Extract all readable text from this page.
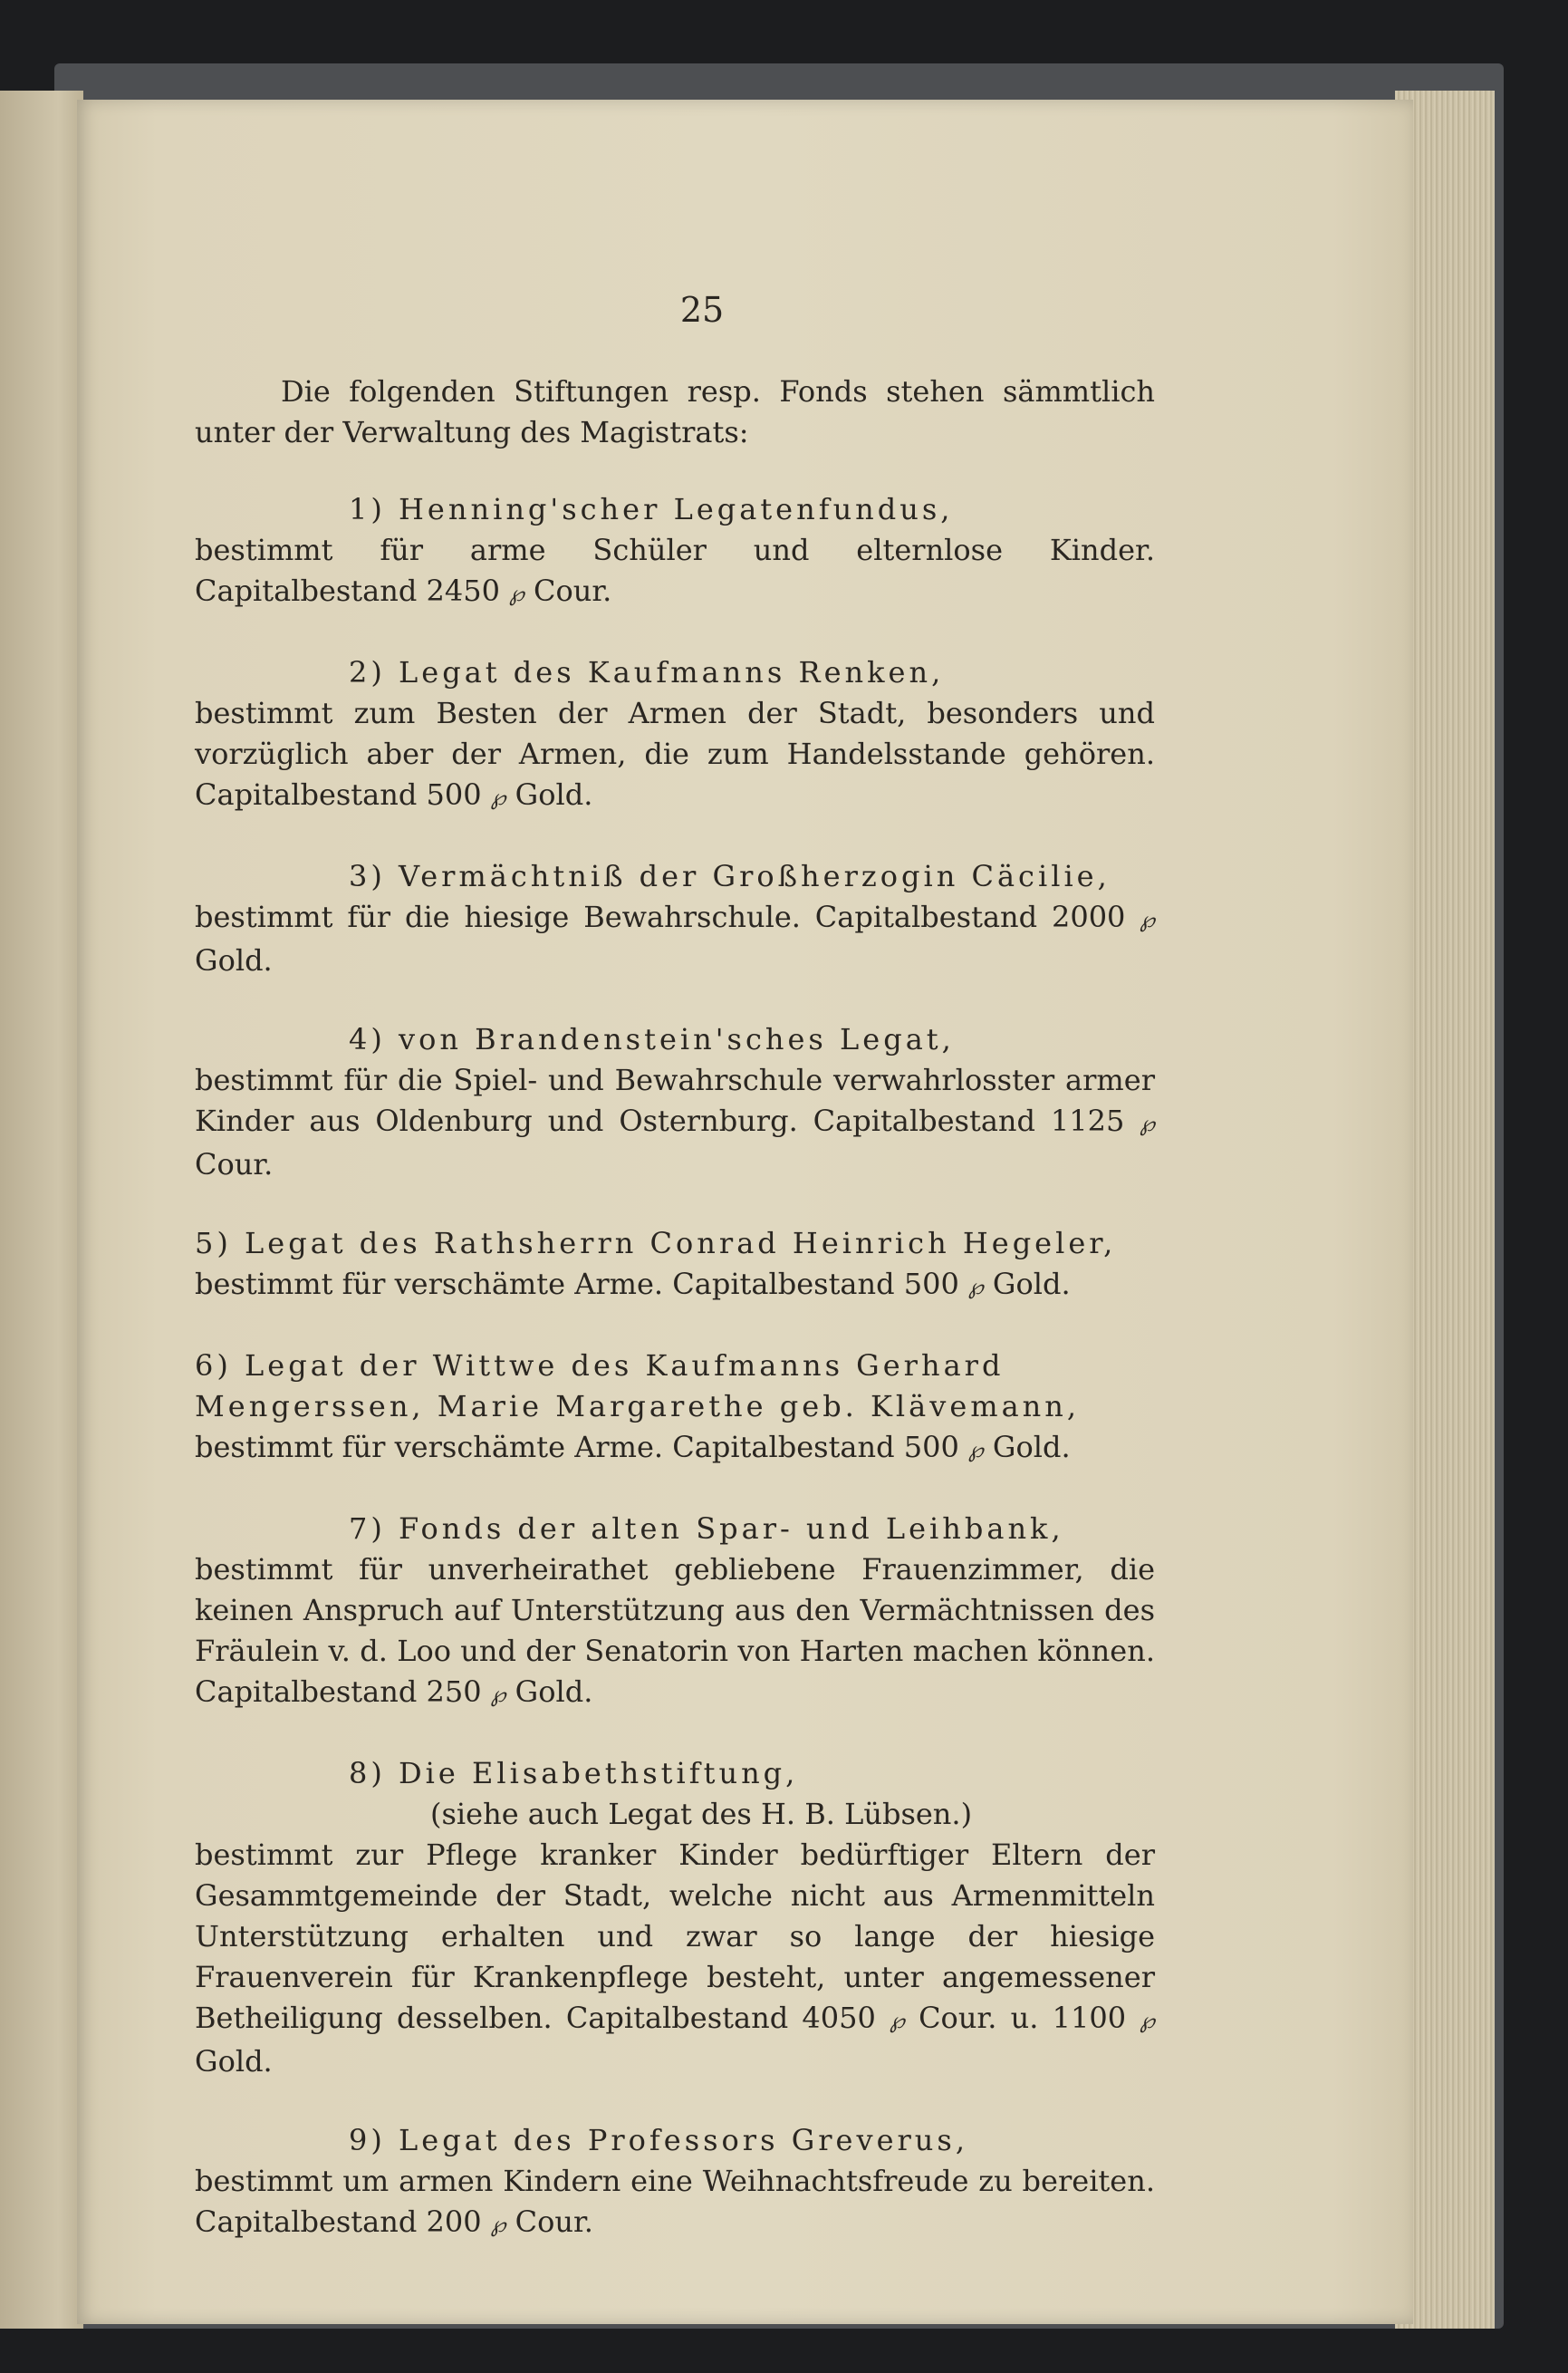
25

Die folgenden Stiftungen resp. Fonds stehen sämmtlich unter der Verwaltung des Magistrats:

1) Henning'scher Legatenfundus,

bestimmt für arme Schüler und elternlose Kinder. Capitalbestand 2450 ℘ Cour.

2) Legat des Kaufmanns Renken,

bestimmt zum Besten der Armen der Stadt, besonders und vorzüglich aber der Armen, die zum Handelsstande gehören. Capitalbestand 500 ℘ Gold.

3) Vermächtniß der Großherzogin Cäcilie,

bestimmt für die hiesige Bewahrschule. Capitalbestand 2000 ℘ Gold.

4) von Brandenstein'sches Legat,

bestimmt für die Spiel- und Bewahrschule verwahrlosster armer Kinder aus Oldenburg und Osternburg. Capitalbestand 1125 ℘ Cour.

5) Legat des Rathsherrn Conrad Heinrich Hegeler,

bestimmt für verschämte Arme. Capitalbestand 500 ℘ Gold.

6) Legat der Wittwe des Kaufmanns Gerhard Mengerssen, Marie Margarethe geb. Klävemann,

bestimmt für verschämte Arme. Capitalbestand 500 ℘ Gold.

7) Fonds der alten Spar- und Leihbank,

bestimmt für unverheirathet gebliebene Frauenzimmer, die keinen Anspruch auf Unterstützung aus den Vermächtnissen des Fräulein v. d. Loo und der Senatorin von Harten machen können. Capitalbestand 250 ℘ Gold.

8) Die Elisabethstiftung,
(siehe auch Legat des H. B. Lübsen.)

bestimmt zur Pflege kranker Kinder bedürftiger Eltern der Gesammtgemeinde der Stadt, welche nicht aus Armenmitteln Unterstützung erhalten und zwar so lange der hiesige Frauenverein für Krankenpflege besteht, unter angemessener Betheiligung desselben. Capitalbestand 4050 ℘ Cour. u. 1100 ℘ Gold.

9) Legat des Professors Greverus,

bestimmt um armen Kindern eine Weihnachtsfreude zu bereiten. Capitalbestand 200 ℘ Cour.
